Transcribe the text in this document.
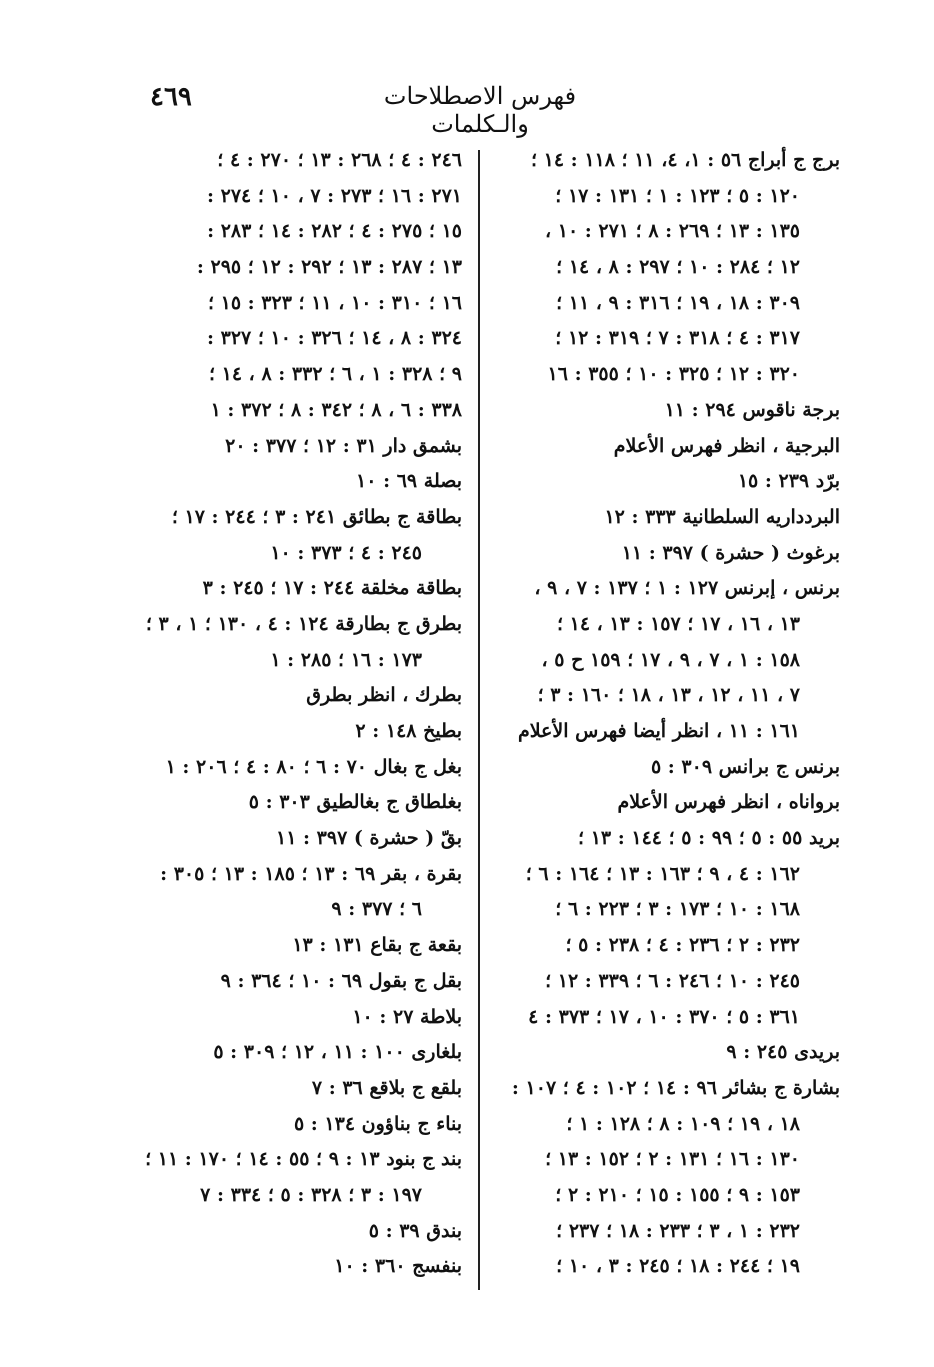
٤٦٩	فهرس الاصطلاحات والـكلمات
برج ج أبراج ٥٦ : ١، ٤، ١١ ؛ ١١٨ : ١٤ ؛
١٢٠ : ٥ ؛ ١٢٣ : ١ ؛ ١٣١ : ١٧ ؛
١٣٥ : ١٣ ؛ ٢٦٩ : ٨ ؛ ٢٧١ : ١٠ ،
١٢ ؛ ٢٨٤ : ١٠ ؛ ٢٩٧ : ٨ ، ١٤ ؛
٣٠٩ : ١٨ ، ١٩ ؛ ٣١٦ : ٩ ، ١١ ؛
٣١٧ : ٤ ؛ ٣١٨ : ٧ ؛ ٣١٩ : ١٢ ؛
٣٢٠ : ١٢ ؛ ٣٢٥ : ١٠ ؛ ٣٥٥ : ١٦
برجة ناقوس ٢٩٤ : ١١
البرجية ، انظر فهرس الأعلام
برّد ٢٣٩ : ١٥
البردداريه السلطانية ٣٣٣ : ١٢
برغوث ( حشرة ) ٣٩٧ : ١١
برنس ، إبرنس ١٢٧ : ١ ؛ ١٣٧ : ٧ ، ٩ ،
١٣ ، ١٦ ، ١٧ ؛ ١٥٧ : ١٣ ، ١٤ ؛
١٥٨ : ١ ، ٧ ، ٩ ، ١٧ ؛ ١٥٩ ح ٥ ،
٧ ، ١١ ، ١٢ ، ١٣ ، ١٨ ؛ ١٦٠ : ٣ ؛
١٦١ : ١١ ، انظر أيضا فهرس الأعلام
برنس ج برانس ٣٠٩ : ٥
برواناه ، انظر فهرس الأعلام
بريد ٥٥ : ٥ ؛ ٩٩ : ٥ ؛ ١٤٤ : ١٣ ؛
١٦٢ : ٤ ، ٩ ؛ ١٦٣ : ١٣ ؛ ١٦٤ : ٦ ؛
١٦٨ : ١٠ ؛ ١٧٣ : ٣ ؛ ٢٢٣ : ٦ ؛
٢٣٢ : ٢ ؛ ٢٣٦ : ٤ ؛ ٢٣٨ : ٥ ؛
٢٤٥ : ١٠ ؛ ٢٤٦ : ٦ ؛ ٣٣٩ : ١٢ ؛
٣٦١ : ٥ ؛ ٣٧٠ : ١٠ ، ١٧ ؛ ٣٧٣ : ٤
بريدى ٢٤٥ : ٩
بشارة ج بشائر ٩٦ : ١٤ ؛ ١٠٢ : ٤ ؛ ١٠٧ :
١٨ ، ١٩ ؛ ١٠٩ : ٨ ؛ ١٢٨ : ١ ؛
١٣٠ : ١٦ ؛ ١٣١ : ٢ ؛ ١٥٢ : ١٣ ؛
١٥٣ : ٩ ؛ ١٥٥ : ١٥ ؛ ٢١٠ : ٢ ؛
٢٣٢ : ١ ، ٣ ؛ ٢٣٣ : ١٨ ؛ ٢٣٧ ؛
١٩ ؛ ٢٤٤ : ١٨ ؛ ٢٤٥ : ٣ ، ١٠ ؛
٢٤٦ : ٤ ؛ ٢٦٨ : ١٣ ؛ ٢٧٠ : ٤ ؛
٢٧١ : ١٦ ؛ ٢٧٣ : ٧ ، ١٠ ؛ ٢٧٤ :
١٥ ؛ ٢٧٥ : ٤ ؛ ٢٨٢ : ١٤ ؛ ٢٨٣ :
١٣ ؛ ٢٨٧ : ١٣ ؛ ٢٩٢ : ١٢ ؛ ٢٩٥ :
١٦ ؛ ٣١٠ : ١٠ ، ١١ ؛ ٣٢٣ : ١٥ ؛
٣٢٤ : ٨ ، ١٤ ؛ ٣٢٦ : ١٠ ؛ ٣٢٧ :
٩ ؛ ٣٢٨ : ١ ، ٦ ؛ ٣٣٢ : ٨ ، ١٤ ؛
٣٣٨ : ٦ ، ٨ ؛ ٣٤٢ : ٨ ؛ ٣٧٢ : ١
بشمق دار ٣١ : ١٢ ؛ ٣٧٧ : ٢٠
بصلة ٦٩ : ١٠
بطاقة ج بطائق ٢٤١ : ٣ ؛ ٢٤٤ : ١٧ ؛
٢٤٥ : ٤ ؛ ٣٧٣ : ١٠
بطاقة مخلقة ٢٤٤ : ١٧ ؛ ٢٤٥ : ٣
بطرق ج بطارقة ١٢٤ : ٤ ، ١٣٠ ؛ ١ ، ٣ ؛
١٧٣ : ١٦ ؛ ٢٨٥ : ١
بطرك ، انظر بطرق
بطيخ ١٤٨ : ٢
بغل ج بغال ٧٠ : ٦ ؛ ٨٠ : ٤ ؛ ٢٠٦ : ١
بغلطاق ج بغالطيق ٣٠٣ : ٥
بقّ ( حشرة ) ٣٩٧ : ١١
بقرة ، بقر ٦٩ : ١٣ ؛ ١٨٥ : ١٣ ؛ ٣٠٥ :
٦ ؛ ٣٧٧ : ٩
بقعة ج بقاع ١٣١ : ١٣
بقل ج بقول ٦٩ : ١٠ ؛ ٣٦٤ : ٩
بلاطة ٢٧ : ١٠
بلغارى ١٠٠ : ١١ ، ١٢ ؛ ٣٠٩ : ٥
بلقع ج بلاقع ٣٦ : ٧
بناء ج بناؤون ١٣٤ : ٥
بند ج بنود ١٣ : ٩ ؛ ٥٥ : ١٤ ؛ ١٧٠ : ١١ ؛
١٩٧ : ٣ ؛ ٣٢٨ : ٥ ؛ ٣٣٤ : ٧
بندق ٣٩ : ٥
بنفسج ٣٦٠ : ١٠
